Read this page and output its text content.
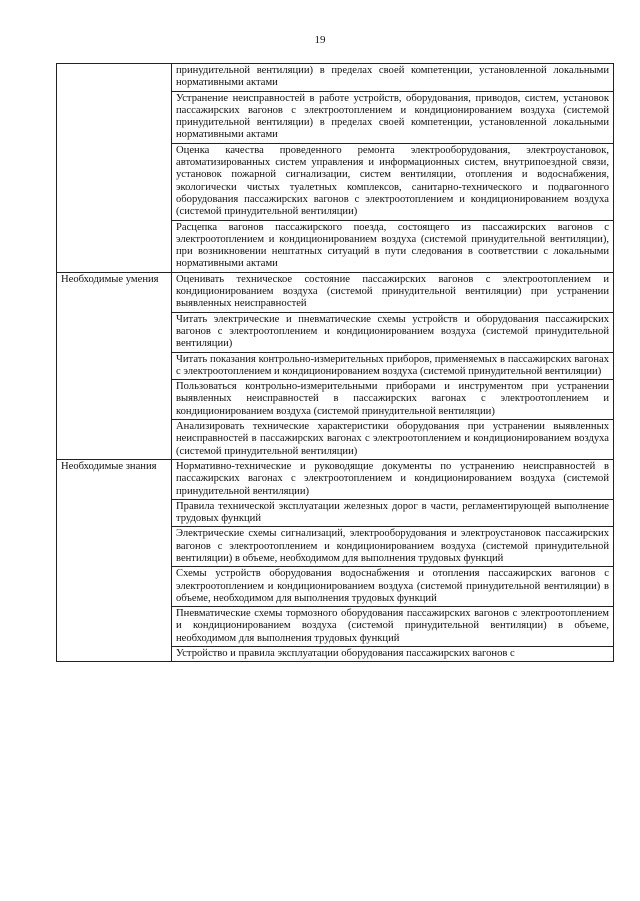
19
	принудительной вентиляции) в пределах своей компетенции, установленной локальными нормативными актами
	Устранение неисправностей в работе устройств, оборудования, приводов, систем, установок пассажирских вагонов с электроотоплением и кондиционированием воздуха (системой принудительной вентиляции) в пределах своей компетенции, установленной локальными нормативными актами
	Оценка качества проведенного ремонта электрооборудования, электроустановок, автоматизированных систем управления и информационных систем, внутрипоездной связи, установок пожарной сигнализации, систем вентиляции, отопления и водоснабжения, экологически чистых туалетных комплексов, санитарно-технического и подвагонного оборудования пассажирских вагонов с электроотоплением и кондиционированием воздуха (системой принудительной вентиляции)
	Расцепка вагонов пассажирского поезда, состоящего из пассажирских вагонов с электроотоплением и кондиционированием воздуха (системой принудительной вентиляции), при возникновении нештатных ситуаций в пути следования в соответствии с локальными нормативными актами
Необходимые умения	Оценивать техническое состояние пассажирских вагонов с электроотоплением и кондиционированием воздуха (системой принудительной вентиляции) при устранении выявленных неисправностей
	Читать электрические и пневматические схемы устройств и оборудования пассажирских вагонов с электроотоплением и кондиционированием воздуха (системой принудительной вентиляции)
	Читать показания контрольно-измерительных приборов, применяемых в пассажирских вагонах с электроотоплением и кондиционированием воздуха (системой принудительной вентиляции)
	Пользоваться контрольно-измерительными приборами и инструментом при устранении выявленных неисправностей в пассажирских вагонах с электроотоплением и кондиционированием воздуха (системой принудительной вентиляции)
	Анализировать технические характеристики оборудования при устранении выявленных неисправностей в пассажирских вагонах с электроотоплением и кондиционированием воздуха (системой принудительной вентиляции)
Необходимые знания	Нормативно-технические и руководящие документы по устранению неисправностей в пассажирских вагонах с электроотоплением и кондиционированием воздуха (системой принудительной вентиляции)
	Правила технической эксплуатации железных дорог в части, регламентирующей выполнение трудовых функций
	Электрические схемы сигнализаций, электрооборудования и электроустановок пассажирских вагонов с электроотоплением и кондиционированием воздуха (системой принудительной вентиляции) в объеме, необходимом для выполнения трудовых функций
	Схемы устройств оборудования водоснабжения и отопления пассажирских вагонов с электроотоплением и кондиционированием воздуха (системой принудительной вентиляции) в объеме, необходимом для выполнения трудовых функций
	Пневматические схемы тормозного оборудования пассажирских вагонов с электроотоплением и кондиционированием воздуха (системой принудительной вентиляции) в объеме, необходимом для выполнения трудовых функций
	Устройство и правила эксплуатации оборудования пассажирских вагонов с
